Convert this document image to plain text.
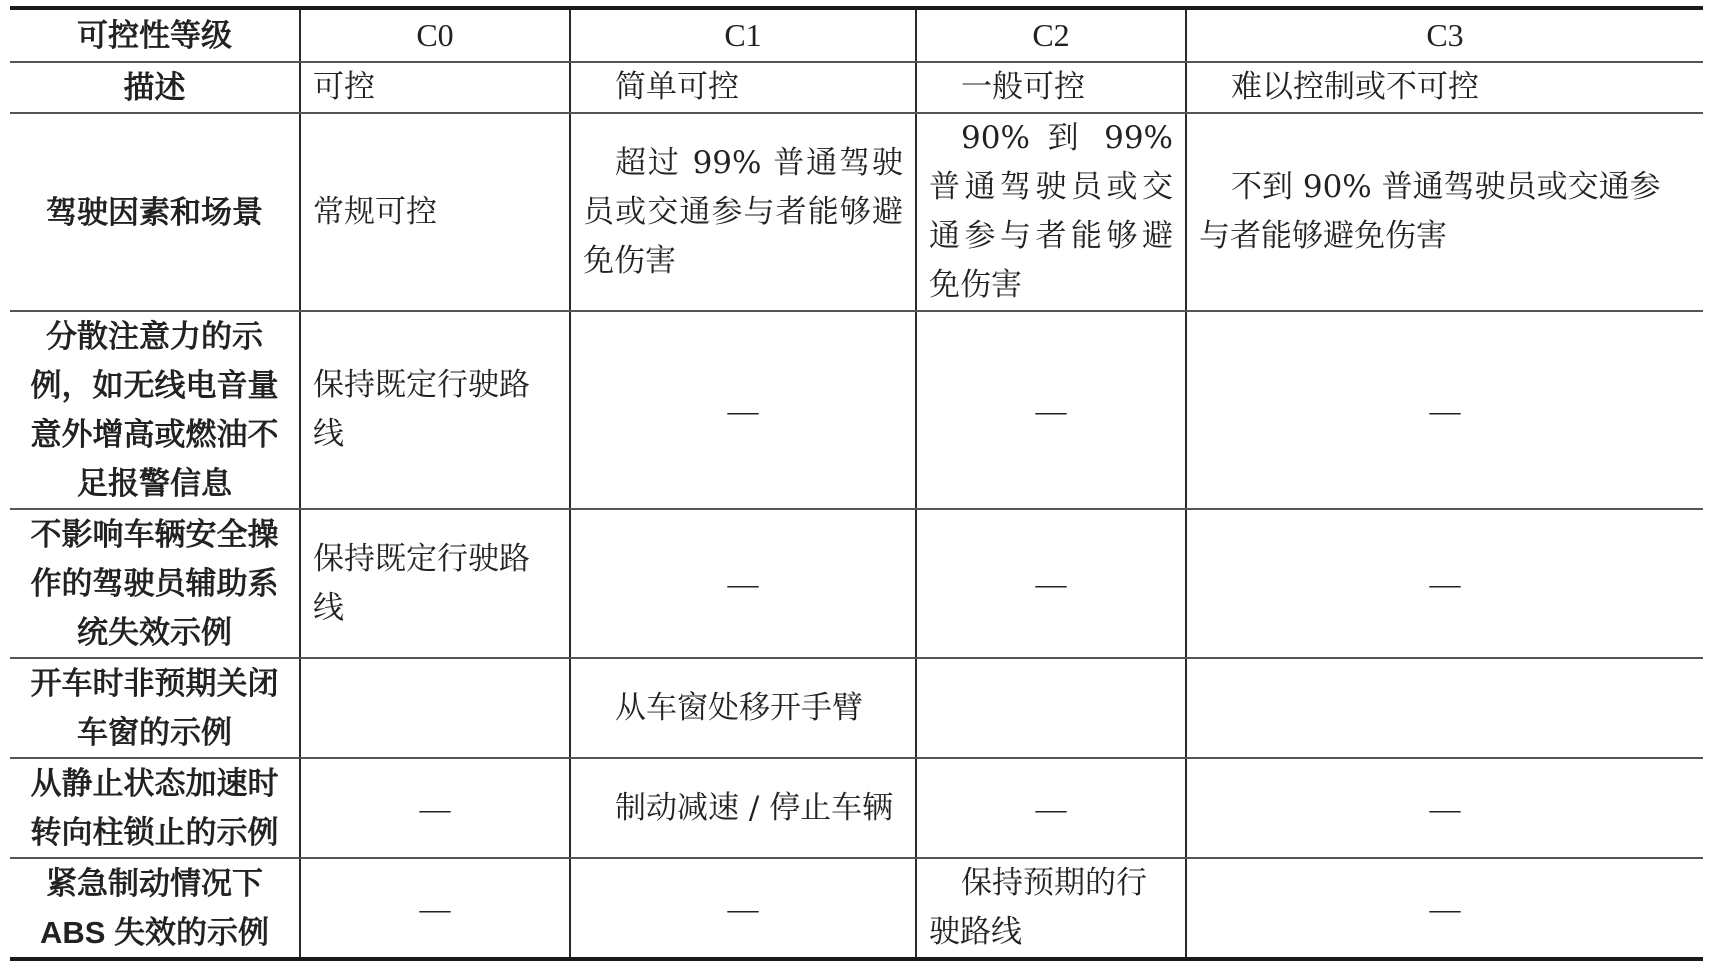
可控性等级	C0	C1	C2	C3
描述	可控	简单可控	一般可控	难以控制或不可控
驾驶因素和场景	常规可控	超过 99% 普通驾驶员或交通参与者能够避免伤害	90% 到 99% 普通驾驶员或交通参与者能够避免伤害	不到 90% 普通驾驶员或交通参与者能够避免伤害
分散注意力的示例，如无线电音量意外增高或燃油不足报警信息	保持既定行驶路线	—	—	—
不影响车辆安全操作的驾驶员辅助系统失效示例	保持既定行驶路线	—	—	—
开车时非预期关闭车窗的示例		从车窗处移开手臂		
从静止状态加速时转向柱锁止的示例	—	制动减速 / 停止车辆	—	—
紧急制动情况下 ABS 失效的示例	—	—	保持预期的行驶路线	—
